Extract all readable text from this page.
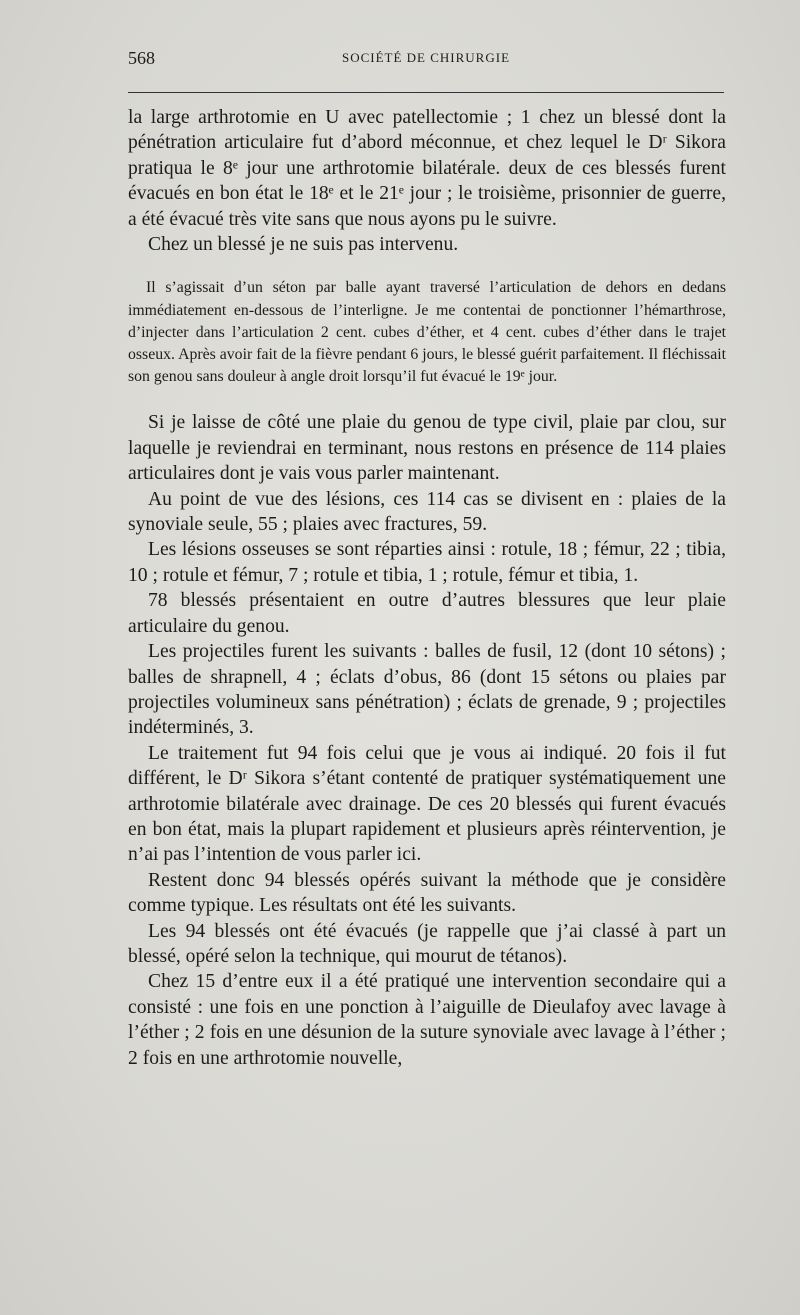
568	SOCIÉTÉ DE CHIRURGIE

la large arthrotomie en U avec patellectomie ; 1 chez un blessé dont la pénétration articulaire fut d’abord méconnue, et chez lequel le Dʳ Sikora pratiqua le 8ᵉ jour une arthrotomie bilatérale. deux de ces blessés furent évacués en bon état le 18ᵉ et le 21ᵉ jour ; le troisième, prisonnier de guerre, a été évacué très vite sans que nous ayons pu le suivre.

Chez un blessé je ne suis pas intervenu.

Il s’agissait d’un séton par balle ayant traversé l’articulation de dehors en dedans immédiatement en-dessous de l’interligne. Je me contentai de ponctionner l’hémarthrose, d’injecter dans l’articulation 2 cent. cubes d’éther, et 4 cent. cubes d’éther dans le trajet osseux. Après avoir fait de la fièvre pendant 6 jours, le blessé guérit parfaitement. Il fléchissait son genou sans douleur à angle droit lorsqu’il fut évacué le 19ᵉ jour.

Si je laisse de côté une plaie du genou de type civil, plaie par clou, sur laquelle je reviendrai en terminant, nous restons en présence de 114 plaies articulaires dont je vais vous parler maintenant.

Au point de vue des lésions, ces 114 cas se divisent en : plaies de la synoviale seule, 55 ; plaies avec fractures, 59.

Les lésions osseuses se sont réparties ainsi : rotule, 18 ; fémur, 22 ; tibia, 10 ; rotule et fémur, 7 ; rotule et tibia, 1 ; rotule, fémur et tibia, 1.

78 blessés présentaient en outre d’autres blessures que leur plaie articulaire du genou.

Les projectiles furent les suivants : balles de fusil, 12 (dont 10 sétons) ; balles de shrapnell, 4 ; éclats d’obus, 86 (dont 15 sétons ou plaies par projectiles volumineux sans pénétration) ; éclats de grenade, 9 ; projectiles indéterminés, 3.

Le traitement fut 94 fois celui que je vous ai indiqué. 20 fois il fut différent, le Dʳ Sikora s’étant contenté de pratiquer systématiquement une arthrotomie bilatérale avec drainage. De ces 20 blessés qui furent évacués en bon état, mais la plupart rapidement et plusieurs après réintervention, je n’ai pas l’intention de vous parler ici.

Restent donc 94 blessés opérés suivant la méthode que je considère comme typique. Les résultats ont été les suivants.

Les 94 blessés ont été évacués (je rappelle que j’ai classé à part un blessé, opéré selon la technique, qui mourut de tétanos).

Chez 15 d’entre eux il a été pratiqué une intervention secondaire qui a consisté : une fois en une ponction à l’aiguille de Dieulafoy avec lavage à l’éther ; 2 fois en une désunion de la suture synoviale avec lavage à l’éther ; 2 fois en une arthrotomie nouvelle,
